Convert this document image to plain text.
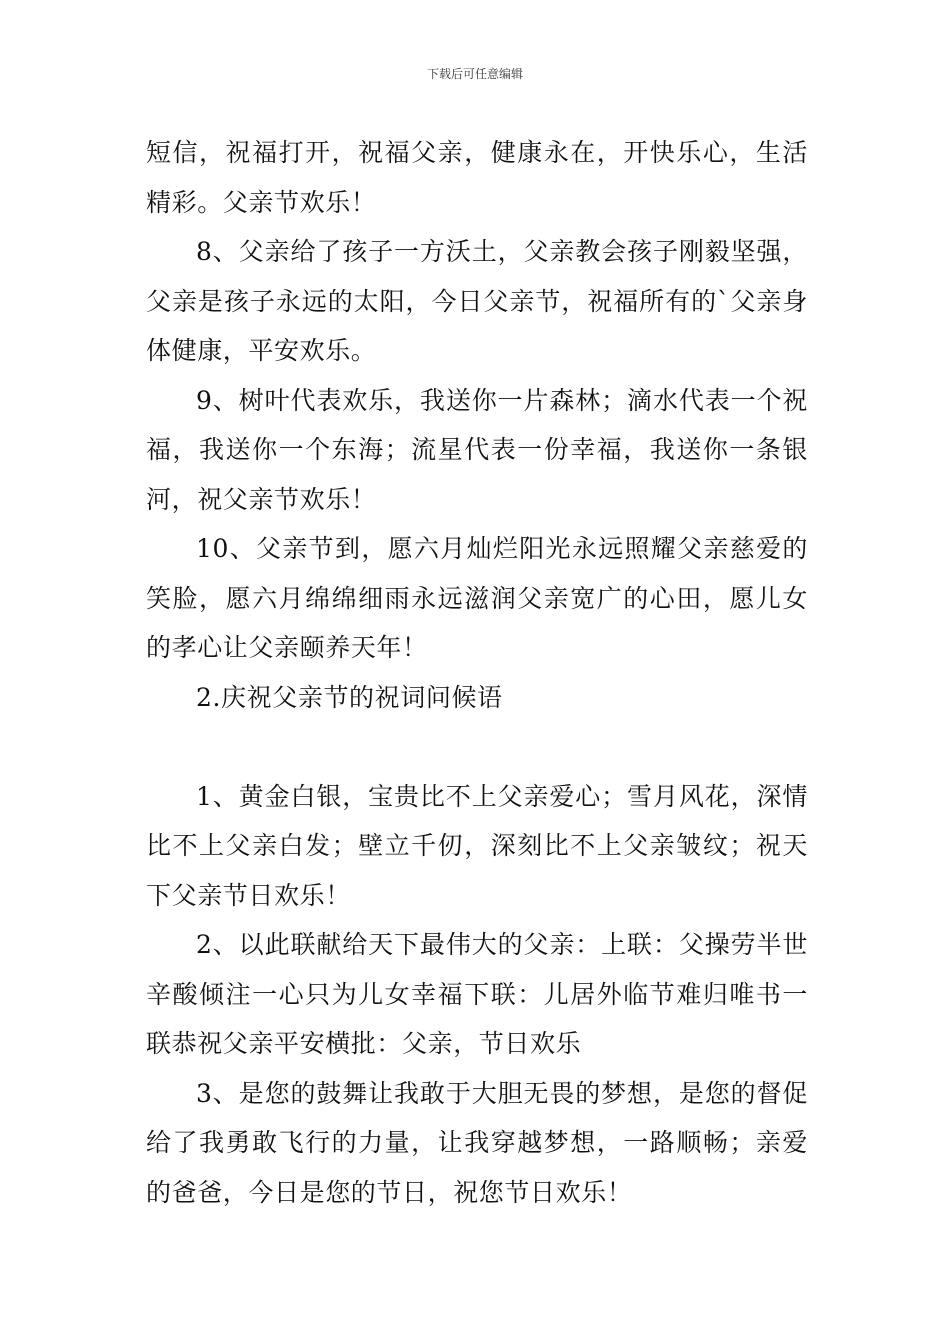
下载后可任意编辑

短信，祝福打开，祝福父亲，健康永在，开快乐心，生活精彩。父亲节欢乐！

8、父亲给了孩子一方沃土，父亲教会孩子刚毅坚强，父亲是孩子永远的太阳，今日父亲节，祝福所有的`父亲身体健康，平安欢乐。

9、树叶代表欢乐，我送你一片森林；滴水代表一个祝福，我送你一个东海；流星代表一份幸福，我送你一条银河，祝父亲节欢乐！

10、父亲节到，愿六月灿烂阳光永远照耀父亲慈爱的笑脸，愿六月绵绵细雨永远滋润父亲宽广的心田，愿儿女的孝心让父亲颐养天年！

2.庆祝父亲节的祝词问候语

1、黄金白银，宝贵比不上父亲爱心；雪月风花，深情比不上父亲白发；壁立千仞，深刻比不上父亲皱纹；祝天下父亲节日欢乐！

2、以此联献给天下最伟大的父亲：上联：父操劳半世辛酸倾注一心只为儿女幸福下联：儿居外临节难归唯书一联恭祝父亲平安横批：父亲，节日欢乐

3、是您的鼓舞让我敢于大胆无畏的梦想，是您的督促给了我勇敢飞行的力量，让我穿越梦想，一路顺畅；亲爱的爸爸，今日是您的节日，祝您节日欢乐！
